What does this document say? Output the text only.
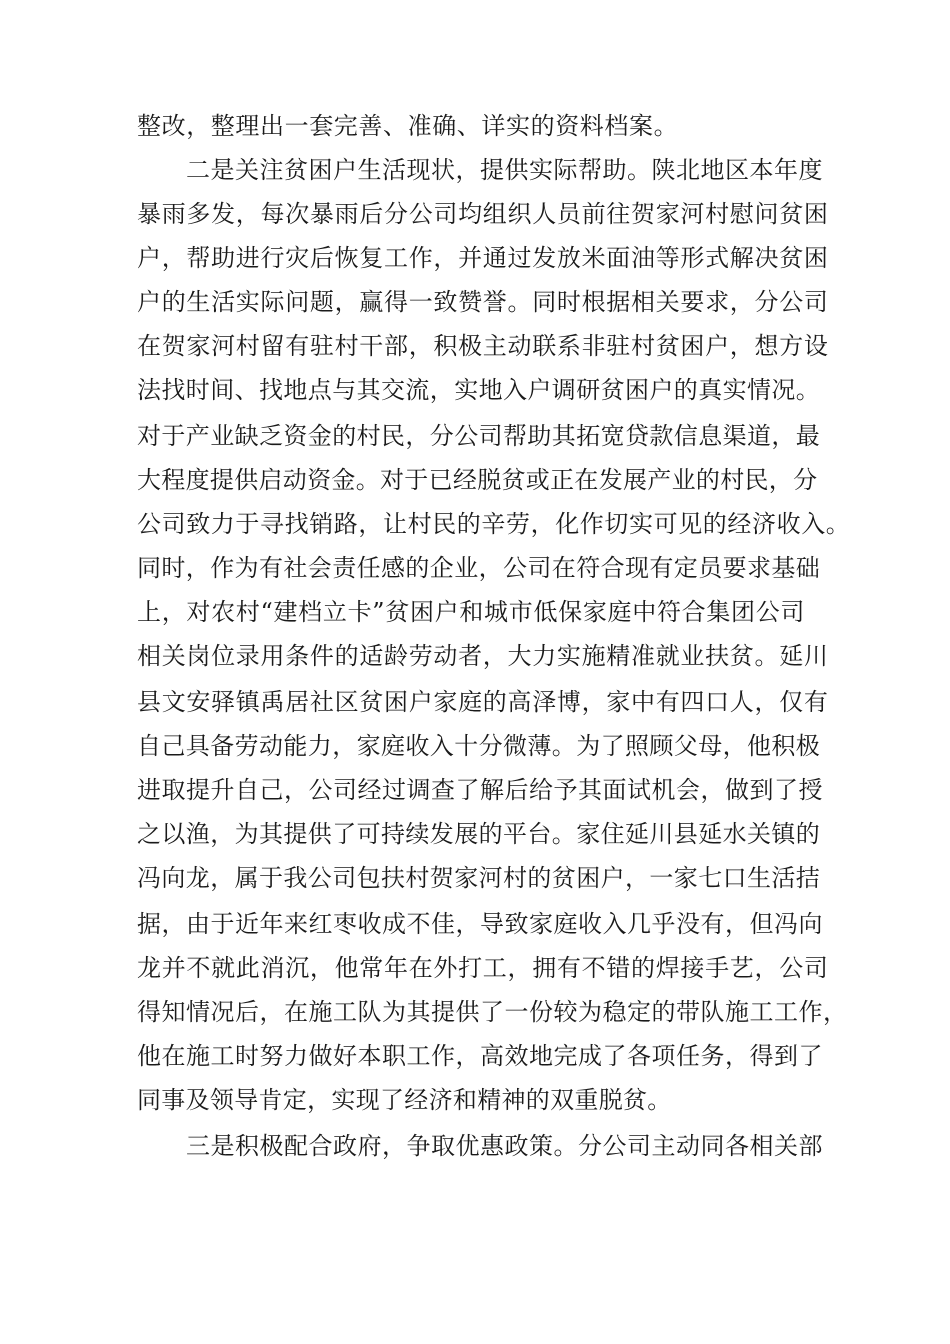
整改，整理出一套完善、准确、详实的资料档案。
二是关注贫困户生活现状，提供实际帮助。陕北地区本年度
暴雨多发，每次暴雨后分公司均组织人员前往贺家河村慰问贫困
户，帮助进行灾后恢复工作，并通过发放米面油等形式解决贫困
户的生活实际问题，赢得一致赞誉。同时根据相关要求，分公司
在贺家河村留有驻村干部，积极主动联系非驻村贫困户，想方设
法找时间、找地点与其交流，实地入户调研贫困户的真实情况。
对于产业缺乏资金的村民，分公司帮助其拓宽贷款信息渠道，最
大程度提供启动资金。对于已经脱贫或正在发展产业的村民，分
公司致力于寻找销路，让村民的辛劳，化作切实可见的经济收入。
同时，作为有社会责任感的企业，公司在符合现有定员要求基础
上，对农村“建档立卡”贫困户和城市低保家庭中符合集团公司
相关岗位录用条件的适龄劳动者，大力实施精准就业扶贫。延川
县文安驿镇禹居社区贫困户家庭的高泽博，家中有四口人，仅有
自己具备劳动能力，家庭收入十分微薄。为了照顾父母，他积极
进取提升自己，公司经过调查了解后给予其面试机会，做到了授
之以渔，为其提供了可持续发展的平台。家住延川县延水关镇的
冯向龙，属于我公司包扶村贺家河村的贫困户，一家七口生活拮
据，由于近年来红枣收成不佳，导致家庭收入几乎没有，但冯向
龙并不就此消沉，他常年在外打工，拥有不错的焊接手艺，公司
得知情况后，在施工队为其提供了一份较为稳定的带队施工工作，
他在施工时努力做好本职工作，高效地完成了各项任务，得到了
同事及领导肯定，实现了经济和精神的双重脱贫。
三是积极配合政府，争取优惠政策。分公司主动同各相关部
